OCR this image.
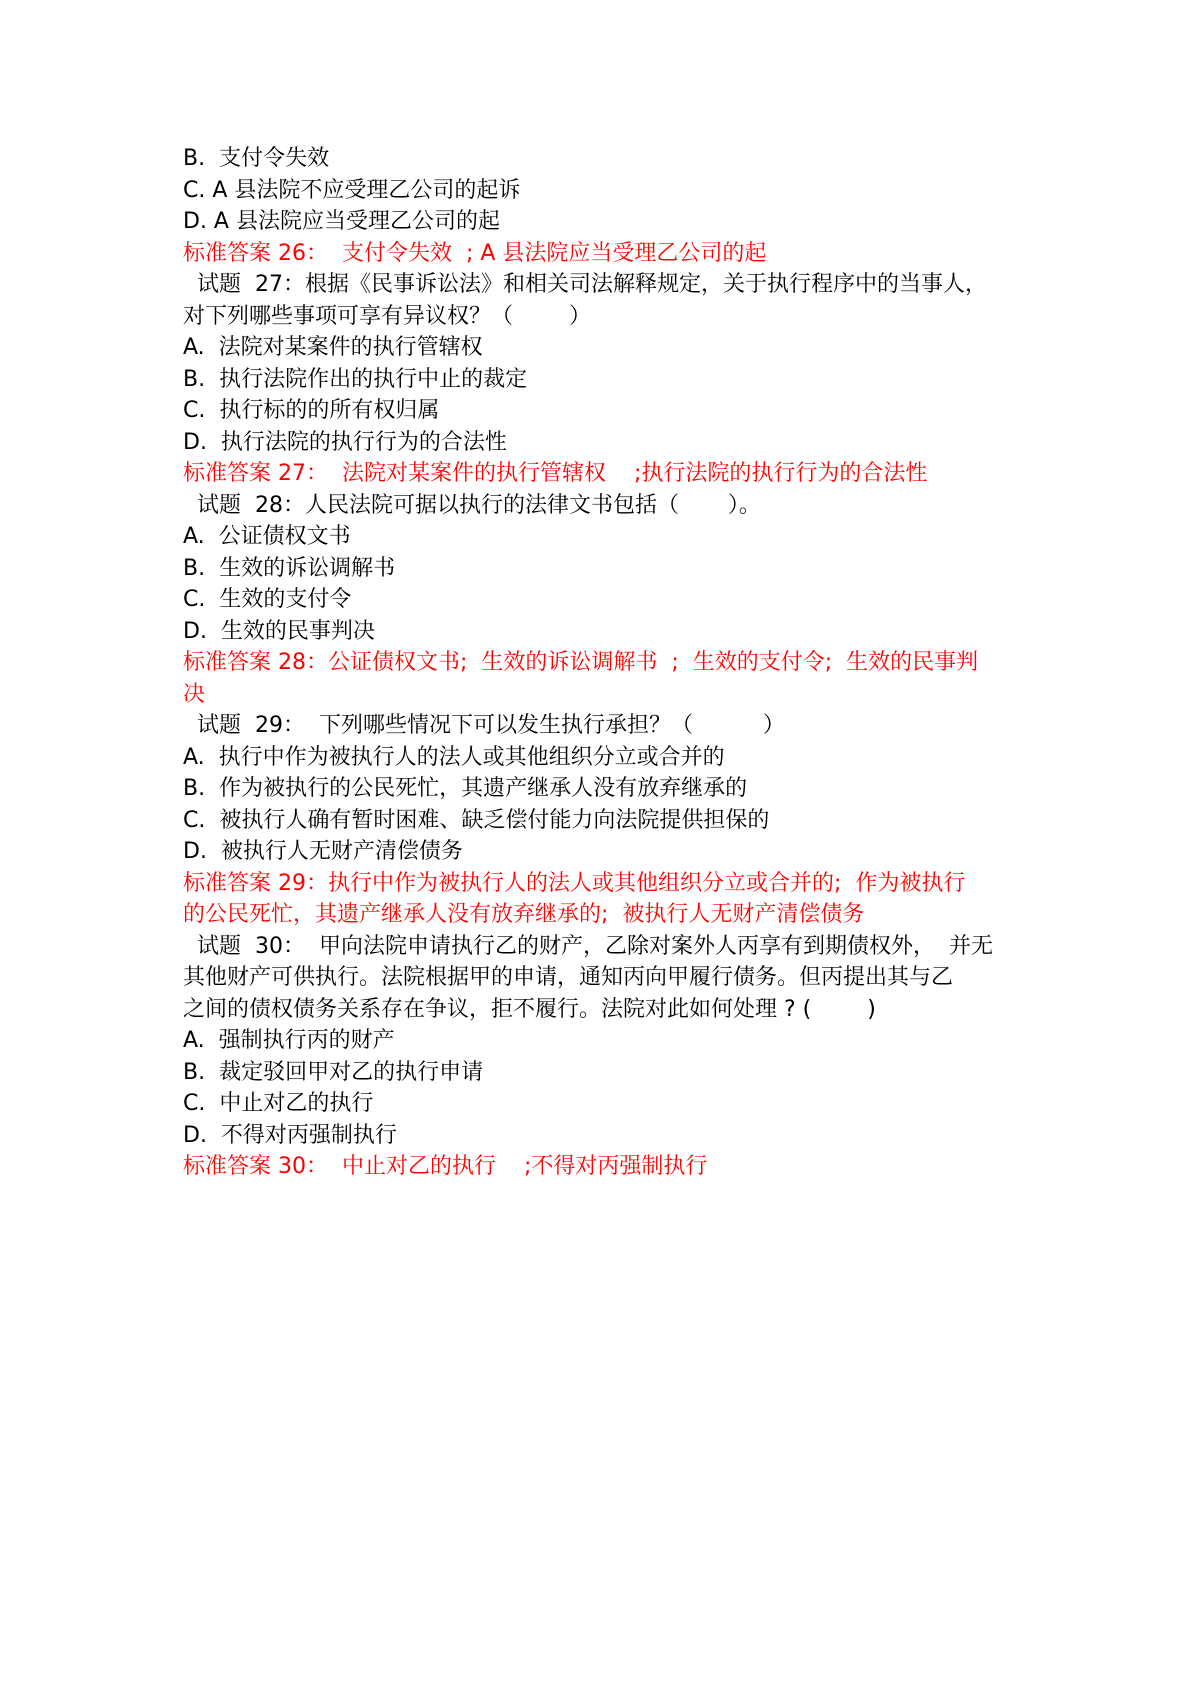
B.  支付令失效

C. A 县法院不应受理乙公司的起诉

D. A 县法院应当受理乙公司的起

标准答案 26：  支付令失效  ; A 县法院应当受理乙公司的起

试题  27：根据《民事诉讼法》和相关司法解释规定，关于执行程序中的当事人，

对下列哪些事项可享有异议权？（        ）

A.  法院对某案件的执行管辖权

B.  执行法院作出的执行中止的裁定

C.  执行标的的所有权归属

D.  执行法院的执行行为的合法性

标准答案 27：  法院对某案件的执行管辖权    ;执行法院的执行行为的合法性

试题  28：人民法院可据以执行的法律文书包括（       ）。

A.  公证债权文书

B.  生效的诉讼调解书

C.  生效的支付令

D.  生效的民事判决

标准答案 28：公证债权文书;  生效的诉讼调解书  ;  生效的支付令;  生效的民事判

决

试题  29：  下列哪些情况下可以发生执行承担？（          ）

A.  执行中作为被执行人的法人或其他组织分立或合并的

B.  作为被执行的公民死忙，其遗产继承人没有放弃继承的

C.  被执行人确有暂时困难、缺乏偿付能力向法院提供担保的

D.  被执行人无财产清偿债务

标准答案 29：执行中作为被执行人的法人或其他组织分立或合并的;  作为被执行

的公民死忙，其遗产继承人没有放弃继承的;  被执行人无财产清偿债务

试题  30：  甲向法院申请执行乙的财产，乙除对案外人丙享有到期债权外，  并无

其他财产可供执行。法院根据甲的申请，通知丙向甲履行债务。但丙提出其与乙

之间的债权债务关系存在争议，拒不履行。法院对此如何处理 ? (        )

A.  强制执行丙的财产

B.  裁定驳回甲对乙的执行申请

C.  中止对乙的执行

D.  不得对丙强制执行

标准答案 30：  中止对乙的执行    ;不得对丙强制执行
